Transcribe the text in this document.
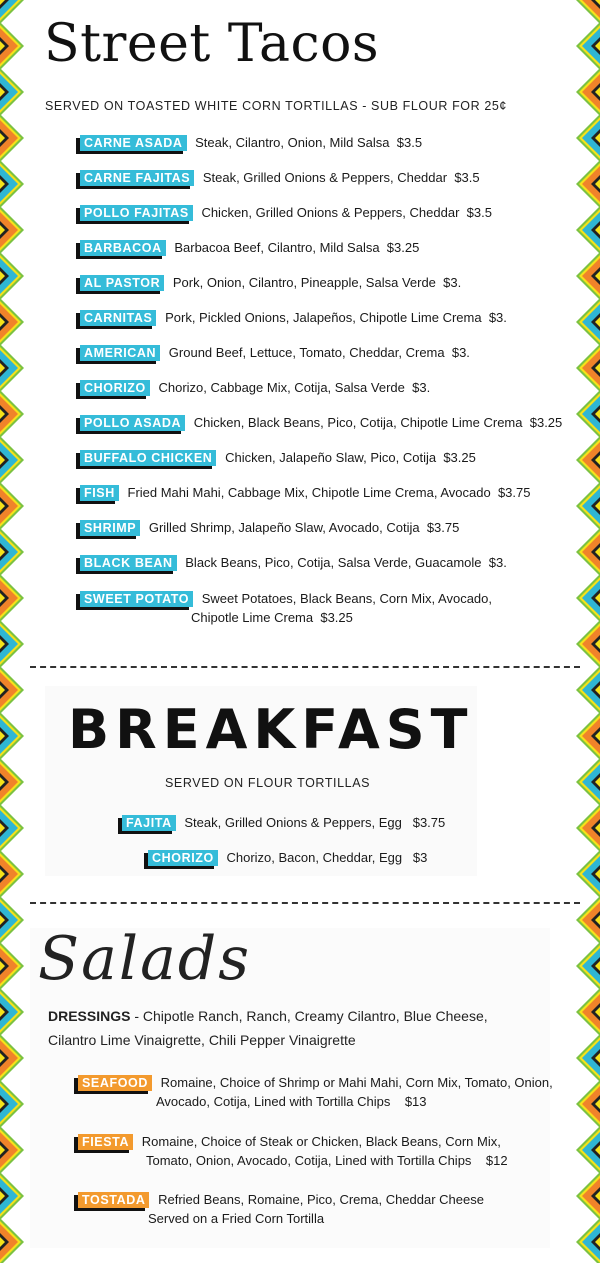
Street Tacos
SERVED ON TOASTED WHITE CORN TORTILLAS - SUB FLOUR FOR 25¢
CARNE ASADA Steak, Cilantro, Onion, Mild Salsa $3.5
CARNE FAJITAS Steak, Grilled Onions & Peppers, Cheddar $3.5
POLLO FAJITAS Chicken, Grilled Onions & Peppers, Cheddar $3.5
BARBACOA Barbacoa Beef, Cilantro, Mild Salsa $3.25
AL PASTOR Pork, Onion, Cilantro, Pineapple, Salsa Verde $3.
CARNITAS Pork, Pickled Onions, Jalapeños, Chipotle Lime Crema $3.
AMERICAN Ground Beef, Lettuce, Tomato, Cheddar, Crema $3.
CHORIZO Chorizo, Cabbage Mix, Cotija, Salsa Verde $3.
POLLO ASADA Chicken, Black Beans, Pico, Cotija, Chipotle Lime Crema $3.25
BUFFALO CHICKEN Chicken, Jalapeño Slaw, Pico, Cotija $3.25
FISH Fried Mahi Mahi, Cabbage Mix, Chipotle Lime Crema, Avocado $3.75
SHRIMP Grilled Shrimp, Jalapeño Slaw, Avocado, Cotija $3.75
BLACK BEAN Black Beans, Pico, Cotija, Salsa Verde, Guacamole $3.
SWEET POTATO Sweet Potatoes, Black Beans, Corn Mix, Avocado,
Chipotle Lime Crema $3.25
BREAKFAST
SERVED ON FLOUR TORTILLAS
FAJITA Steak, Grilled Onions & Peppers, Egg $3.75
CHORIZO Chorizo, Bacon, Cheddar, Egg $3
Salads
DRESSINGS - Chipotle Ranch, Ranch, Creamy Cilantro, Blue Cheese, Cilantro Lime Vinaigrette, Chili Pepper Vinaigrette
SEAFOOD Romaine, Choice of Shrimp or Mahi Mahi, Corn Mix, Tomato, Onion,
Avocado, Cotija, Lined with Tortilla Chips $13
FIESTA Romaine, Choice of Steak or Chicken, Black Beans, Corn Mix,
Tomato, Onion, Avocado, Cotija, Lined with Tortilla Chips $12
TOSTADA Refried Beans, Romaine, Pico, Crema, Cheddar Cheese
Served on a Fried Corn Tortilla
